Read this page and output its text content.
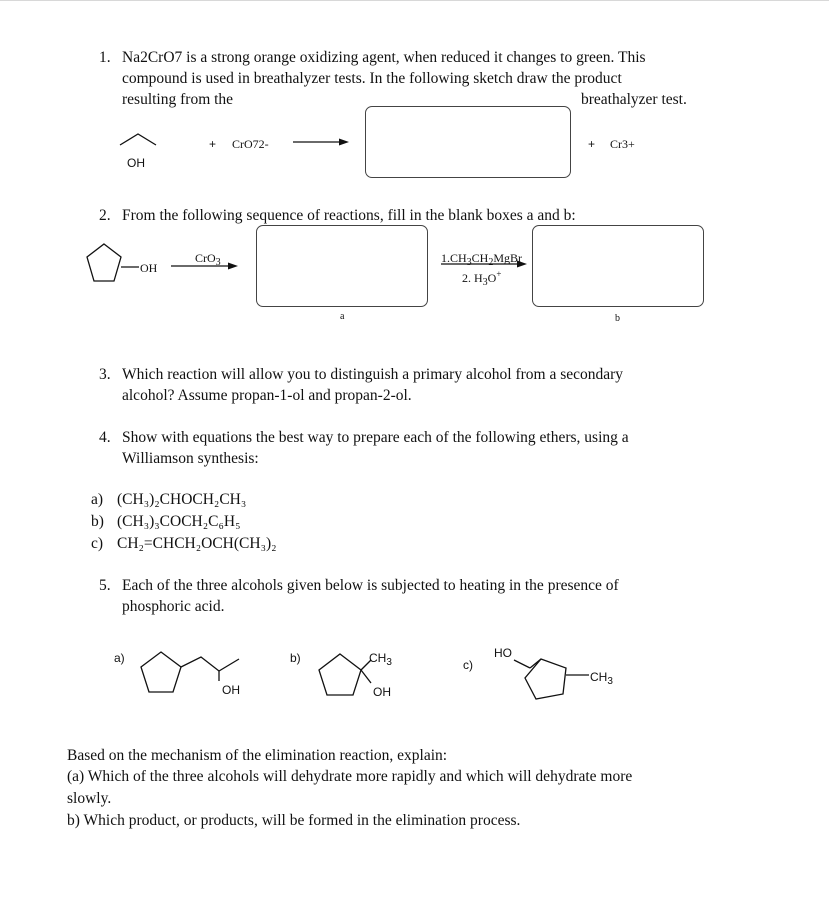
1. Na2CrO7 is a strong orange oxidizing agent, when reduced it changes to green. This
compound is used in breathalyzer tests. In the following sketch draw the product
resulting from the	breathalyzer test.
OH
+ CrO72-	+ Cr3+
2. From the following sequence of reactions, fill in the blank boxes a and b:
OH
CrO$_3$
a
$1.CH_3CH_2MgBr$
2. $H_3O^+$
b
3. Which reaction will allow you to distinguish a primary alcohol from a secondary
alcohol? Assume propan-1-ol and propan-2-ol.
4. Show with equations the best way to prepare each of the following ethers, using a
Williamson synthesis:
a) (CH₃)₂CHOCH₂CH₃
b) (CH₃)₃COCH₂C₆H₅
c) CH₂=CHCH₂OCH(CH₃)₂
5. Each of the three alcohols given below is subjected to heating in the presence of
phosphoric acid.
a)
OH
b)	$CH_3$
OH
c)
HO
$CH_3$
Based on the mechanism of the elimination reaction, explain:
(a) Which of the three alcohols will dehydrate more rapidly and which will dehydrate more
slowly.
b) Which product, or products, will be formed in the elimination process.
